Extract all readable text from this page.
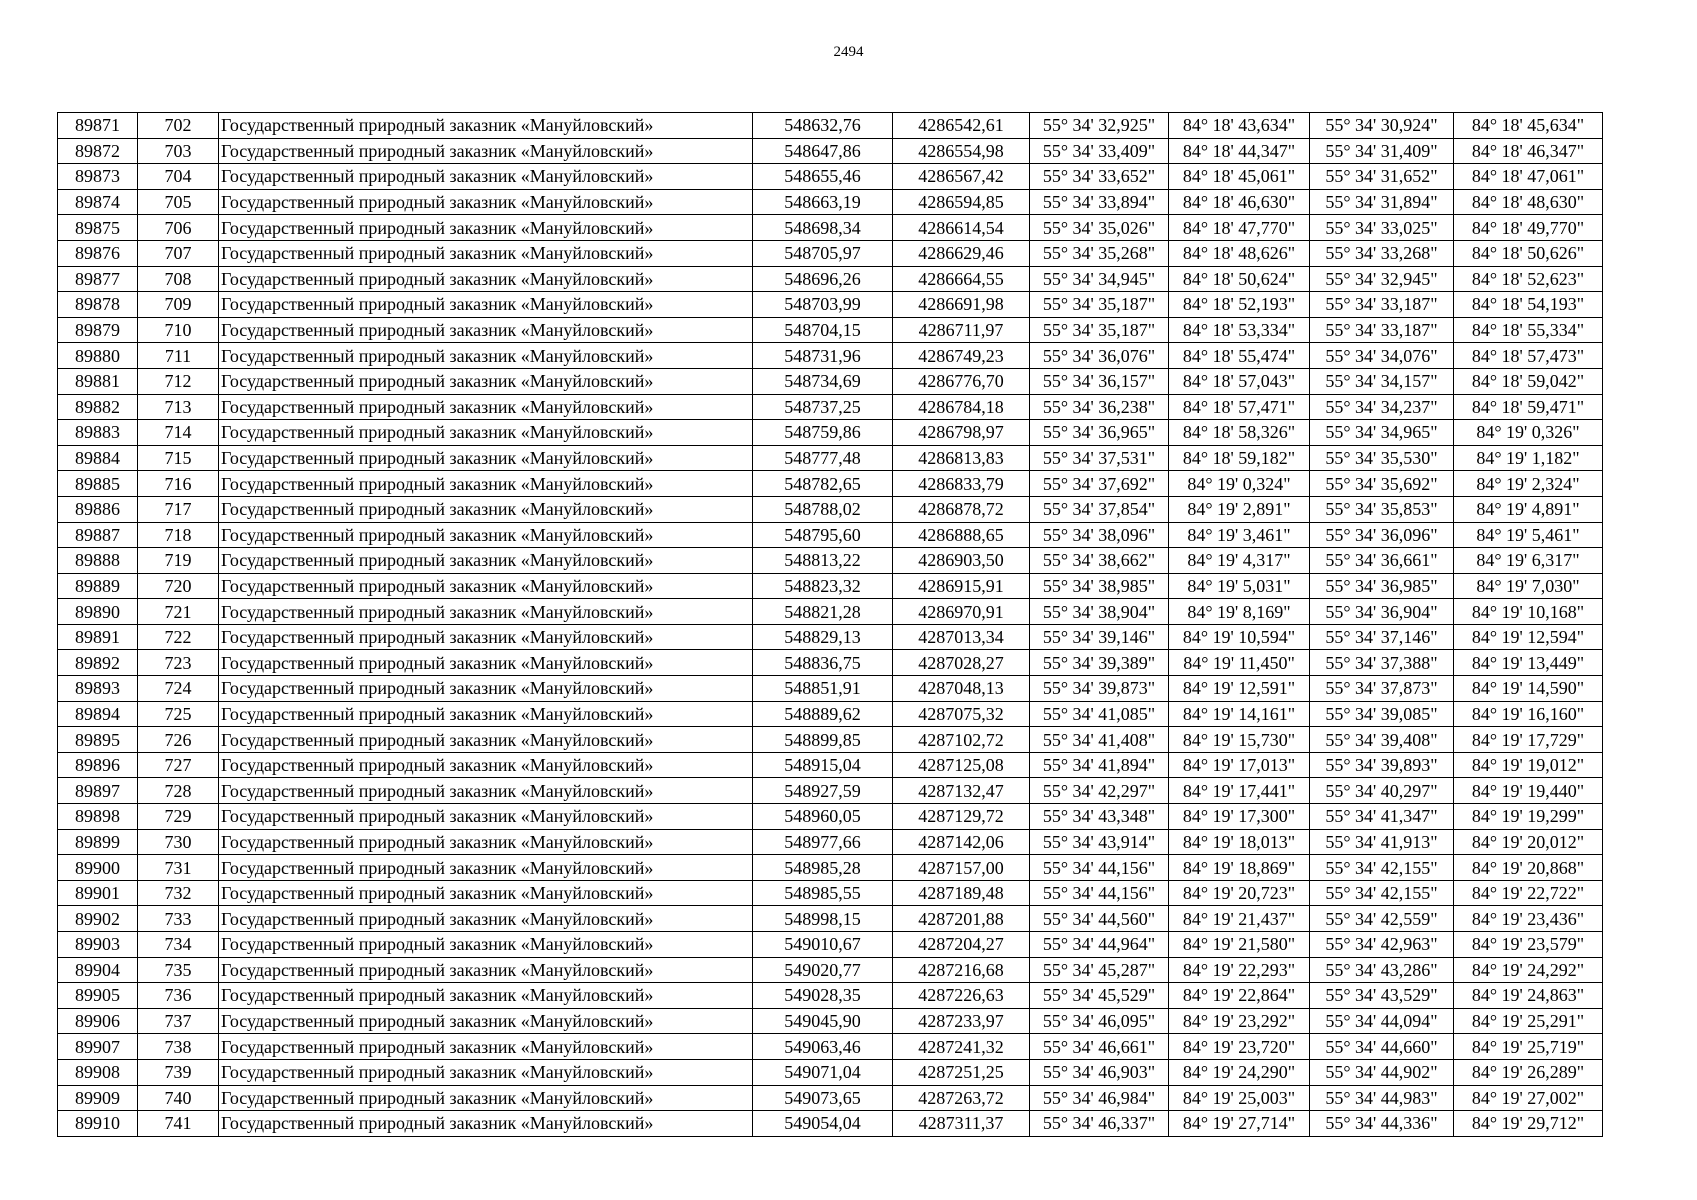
2494
89871	702	Государственный природный заказник «Мануйловский»	548632,76	4286542,61	55° 34' 32,925"	84° 18' 43,634"	55° 34' 30,924"	84° 18' 45,634"
89872	703	Государственный природный заказник «Мануйловский»	548647,86	4286554,98	55° 34' 33,409"	84° 18' 44,347"	55° 34' 31,409"	84° 18' 46,347"
89873	704	Государственный природный заказник «Мануйловский»	548655,46	4286567,42	55° 34' 33,652"	84° 18' 45,061"	55° 34' 31,652"	84° 18' 47,061"
89874	705	Государственный природный заказник «Мануйловский»	548663,19	4286594,85	55° 34' 33,894"	84° 18' 46,630"	55° 34' 31,894"	84° 18' 48,630"
89875	706	Государственный природный заказник «Мануйловский»	548698,34	4286614,54	55° 34' 35,026"	84° 18' 47,770"	55° 34' 33,025"	84° 18' 49,770"
89876	707	Государственный природный заказник «Мануйловский»	548705,97	4286629,46	55° 34' 35,268"	84° 18' 48,626"	55° 34' 33,268"	84° 18' 50,626"
89877	708	Государственный природный заказник «Мануйловский»	548696,26	4286664,55	55° 34' 34,945"	84° 18' 50,624"	55° 34' 32,945"	84° 18' 52,623"
89878	709	Государственный природный заказник «Мануйловский»	548703,99	4286691,98	55° 34' 35,187"	84° 18' 52,193"	55° 34' 33,187"	84° 18' 54,193"
89879	710	Государственный природный заказник «Мануйловский»	548704,15	4286711,97	55° 34' 35,187"	84° 18' 53,334"	55° 34' 33,187"	84° 18' 55,334"
89880	711	Государственный природный заказник «Мануйловский»	548731,96	4286749,23	55° 34' 36,076"	84° 18' 55,474"	55° 34' 34,076"	84° 18' 57,473"
89881	712	Государственный природный заказник «Мануйловский»	548734,69	4286776,70	55° 34' 36,157"	84° 18' 57,043"	55° 34' 34,157"	84° 18' 59,042"
89882	713	Государственный природный заказник «Мануйловский»	548737,25	4286784,18	55° 34' 36,238"	84° 18' 57,471"	55° 34' 34,237"	84° 18' 59,471"
89883	714	Государственный природный заказник «Мануйловский»	548759,86	4286798,97	55° 34' 36,965"	84° 18' 58,326"	55° 34' 34,965"	84° 19' 0,326"
89884	715	Государственный природный заказник «Мануйловский»	548777,48	4286813,83	55° 34' 37,531"	84° 18' 59,182"	55° 34' 35,530"	84° 19' 1,182"
89885	716	Государственный природный заказник «Мануйловский»	548782,65	4286833,79	55° 34' 37,692"	84° 19' 0,324"	55° 34' 35,692"	84° 19' 2,324"
89886	717	Государственный природный заказник «Мануйловский»	548788,02	4286878,72	55° 34' 37,854"	84° 19' 2,891"	55° 34' 35,853"	84° 19' 4,891"
89887	718	Государственный природный заказник «Мануйловский»	548795,60	4286888,65	55° 34' 38,096"	84° 19' 3,461"	55° 34' 36,096"	84° 19' 5,461"
89888	719	Государственный природный заказник «Мануйловский»	548813,22	4286903,50	55° 34' 38,662"	84° 19' 4,317"	55° 34' 36,661"	84° 19' 6,317"
89889	720	Государственный природный заказник «Мануйловский»	548823,32	4286915,91	55° 34' 38,985"	84° 19' 5,031"	55° 34' 36,985"	84° 19' 7,030"
89890	721	Государственный природный заказник «Мануйловский»	548821,28	4286970,91	55° 34' 38,904"	84° 19' 8,169"	55° 34' 36,904"	84° 19' 10,168"
89891	722	Государственный природный заказник «Мануйловский»	548829,13	4287013,34	55° 34' 39,146"	84° 19' 10,594"	55° 34' 37,146"	84° 19' 12,594"
89892	723	Государственный природный заказник «Мануйловский»	548836,75	4287028,27	55° 34' 39,389"	84° 19' 11,450"	55° 34' 37,388"	84° 19' 13,449"
89893	724	Государственный природный заказник «Мануйловский»	548851,91	4287048,13	55° 34' 39,873"	84° 19' 12,591"	55° 34' 37,873"	84° 19' 14,590"
89894	725	Государственный природный заказник «Мануйловский»	548889,62	4287075,32	55° 34' 41,085"	84° 19' 14,161"	55° 34' 39,085"	84° 19' 16,160"
89895	726	Государственный природный заказник «Мануйловский»	548899,85	4287102,72	55° 34' 41,408"	84° 19' 15,730"	55° 34' 39,408"	84° 19' 17,729"
89896	727	Государственный природный заказник «Мануйловский»	548915,04	4287125,08	55° 34' 41,894"	84° 19' 17,013"	55° 34' 39,893"	84° 19' 19,012"
89897	728	Государственный природный заказник «Мануйловский»	548927,59	4287132,47	55° 34' 42,297"	84° 19' 17,441"	55° 34' 40,297"	84° 19' 19,440"
89898	729	Государственный природный заказник «Мануйловский»	548960,05	4287129,72	55° 34' 43,348"	84° 19' 17,300"	55° 34' 41,347"	84° 19' 19,299"
89899	730	Государственный природный заказник «Мануйловский»	548977,66	4287142,06	55° 34' 43,914"	84° 19' 18,013"	55° 34' 41,913"	84° 19' 20,012"
89900	731	Государственный природный заказник «Мануйловский»	548985,28	4287157,00	55° 34' 44,156"	84° 19' 18,869"	55° 34' 42,155"	84° 19' 20,868"
89901	732	Государственный природный заказник «Мануйловский»	548985,55	4287189,48	55° 34' 44,156"	84° 19' 20,723"	55° 34' 42,155"	84° 19' 22,722"
89902	733	Государственный природный заказник «Мануйловский»	548998,15	4287201,88	55° 34' 44,560"	84° 19' 21,437"	55° 34' 42,559"	84° 19' 23,436"
89903	734	Государственный природный заказник «Мануйловский»	549010,67	4287204,27	55° 34' 44,964"	84° 19' 21,580"	55° 34' 42,963"	84° 19' 23,579"
89904	735	Государственный природный заказник «Мануйловский»	549020,77	4287216,68	55° 34' 45,287"	84° 19' 22,293"	55° 34' 43,286"	84° 19' 24,292"
89905	736	Государственный природный заказник «Мануйловский»	549028,35	4287226,63	55° 34' 45,529"	84° 19' 22,864"	55° 34' 43,529"	84° 19' 24,863"
89906	737	Государственный природный заказник «Мануйловский»	549045,90	4287233,97	55° 34' 46,095"	84° 19' 23,292"	55° 34' 44,094"	84° 19' 25,291"
89907	738	Государственный природный заказник «Мануйловский»	549063,46	4287241,32	55° 34' 46,661"	84° 19' 23,720"	55° 34' 44,660"	84° 19' 25,719"
89908	739	Государственный природный заказник «Мануйловский»	549071,04	4287251,25	55° 34' 46,903"	84° 19' 24,290"	55° 34' 44,902"	84° 19' 26,289"
89909	740	Государственный природный заказник «Мануйловский»	549073,65	4287263,72	55° 34' 46,984"	84° 19' 25,003"	55° 34' 44,983"	84° 19' 27,002"
89910	741	Государственный природный заказник «Мануйловский»	549054,04	4287311,37	55° 34' 46,337"	84° 19' 27,714"	55° 34' 44,336"	84° 19' 29,712"
